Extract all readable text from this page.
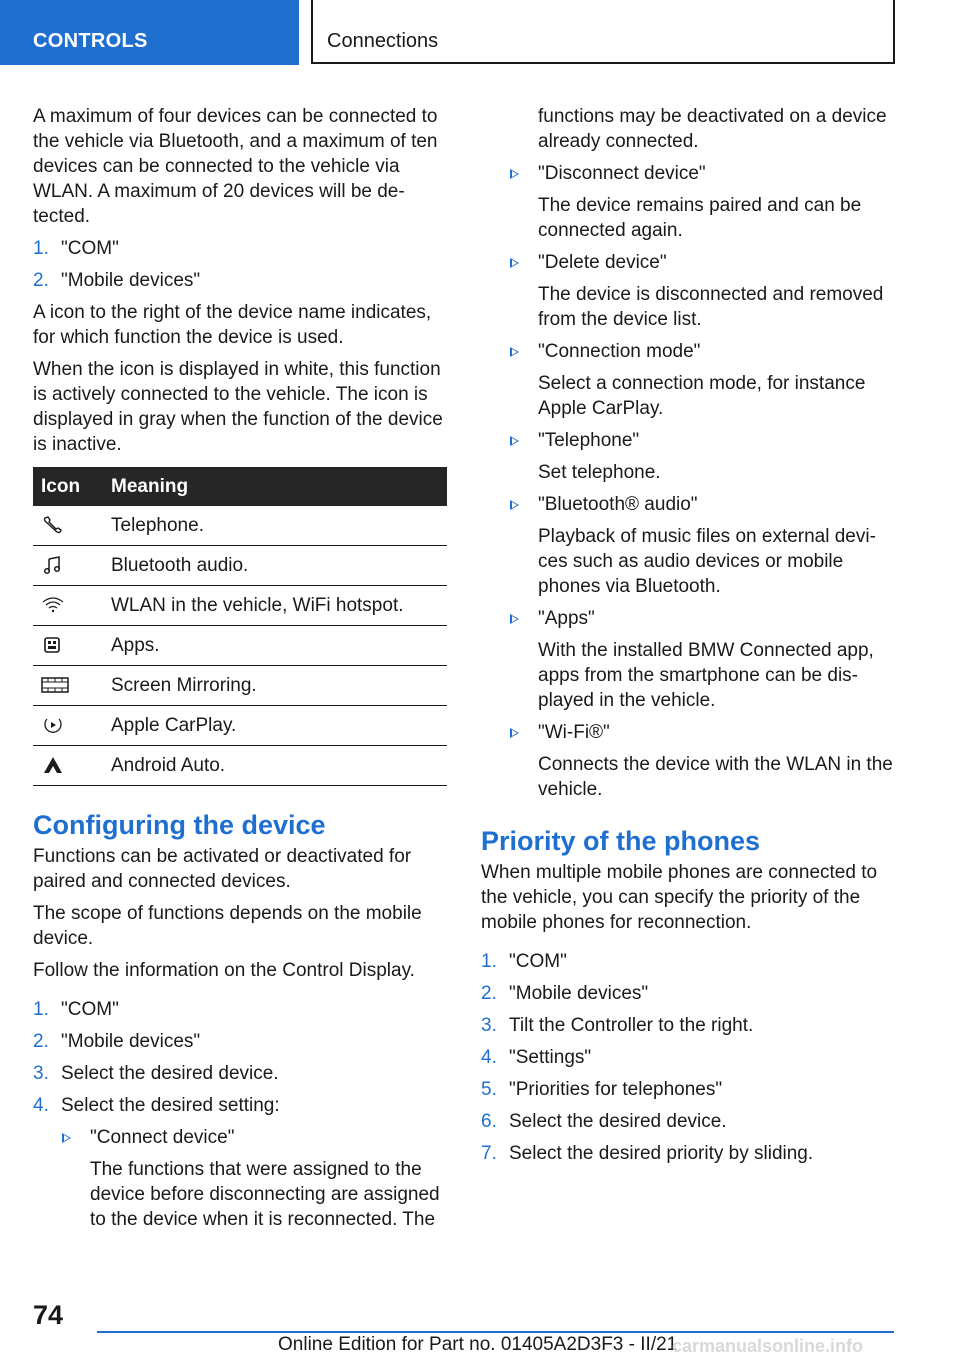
CONTROLS	Connections

A maximum of four devices can be connected to the vehicle via Bluetooth, and a maximum of ten devices can be connected to the vehicle via WLAN. A maximum of 20 devices will be de-tected.

1. "COM"
2. "Mobile devices"

A icon to the right of the device name indicates, for which function the device is used.

When the icon is displayed in white, this function is actively connected to the vehicle. The icon is displayed in gray when the function of the device is inactive.

Icon	Meaning
	Telephone.
	Bluetooth audio.
	WLAN in the vehicle, WiFi hotspot.
	Apps.
	Screen Mirroring.
	Apple CarPlay.
	Android Auto.
Configuring the device

Functions can be activated or deactivated for paired and connected devices.

The scope of functions depends on the mobile device.

Follow the information on the Control Display.

1. "COM"
2. "Mobile devices"
3. Select the desired device.
4. Select the desired setting:
"Connect device"
The functions that were assigned to the device before disconnecting are assigned to the device when it is reconnected. The

functions may be deactivated on a device already connected.

"Disconnect device"
The device remains paired and can be connected again.
"Delete device"
The device is disconnected and removed from the device list.
"Connection mode"
Select a connection mode, for instance Apple CarPlay.
"Telephone"
Set telephone.
"Bluetooth® audio"
Playback of music files on external devi-ces such as audio devices or mobile phones via Bluetooth.
"Apps"
With the installed BMW Connected app, apps from the smartphone can be dis-played in the vehicle.
"Wi-Fi®"
Connects the device with the WLAN in the vehicle.
Priority of the phones

When multiple mobile phones are connected to the vehicle, you can specify the priority of the mobile phones for reconnection.

1. "COM"
2. "Mobile devices"
3. Tilt the Controller to the right.
4. "Settings"
5. "Priorities for telephones"
6. Select the desired device.
7. Select the desired priority by sliding.
74
Online Edition for Part no. 01405A2D3F3 - II/21
carmanualsonline.info
